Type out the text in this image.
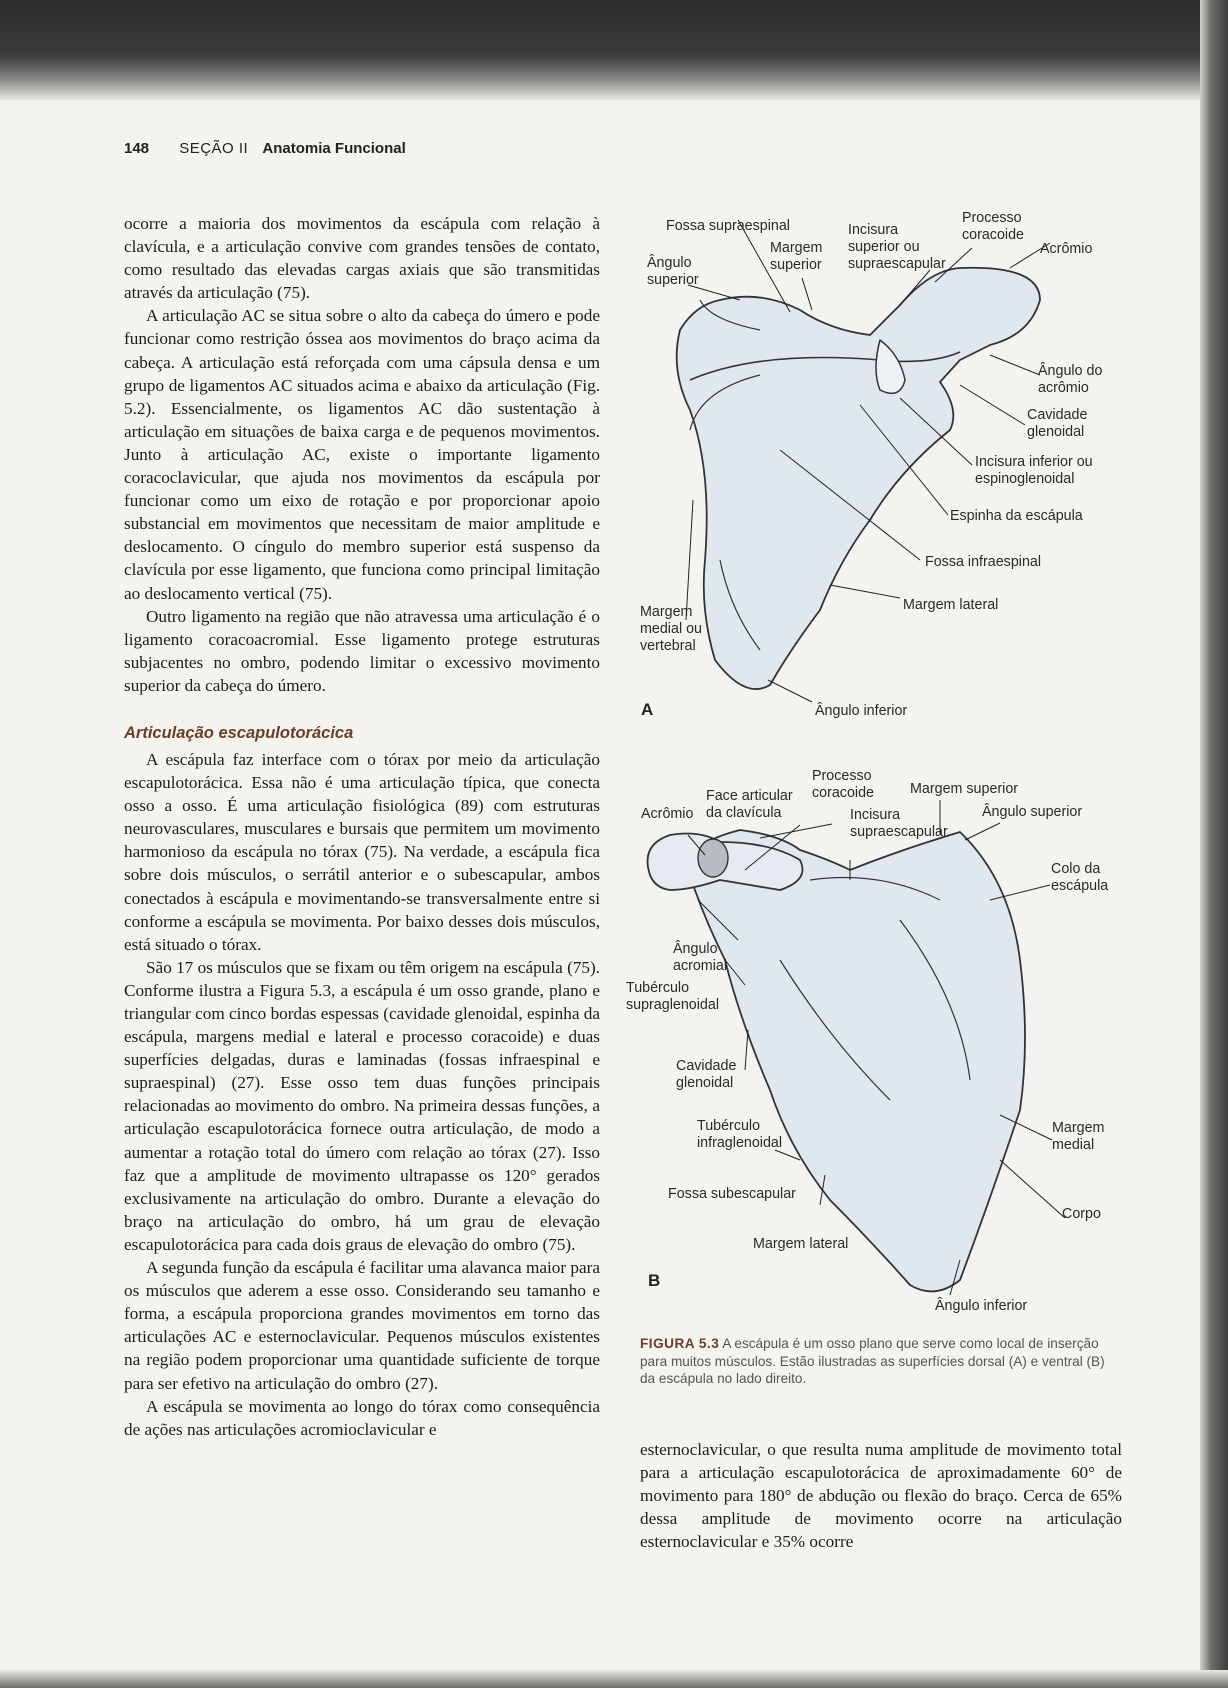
148 SEÇÃO II Anatomia Funcional

ocorre a maioria dos movimentos da escápula com relação à clavícula, e a articulação convive com grandes tensões de contato, como resultado das elevadas cargas axiais que são transmitidas através da articulação (75).

A articulação AC se situa sobre o alto da cabeça do úmero e pode funcionar como restrição óssea aos movimentos do braço acima da cabeça. A articulação está reforçada com uma cápsula densa e um grupo de ligamentos AC situados acima e abaixo da articulação (Fig. 5.2). Essencialmente, os ligamentos AC dão sustentação à articulação em situações de baixa carga e de pequenos movimentos. Junto à articulação AC, existe o importante ligamento coracoclavicular, que ajuda nos movimentos da escápula por funcionar como um eixo de rotação e por proporcionar apoio substancial em movimentos que necessitam de maior amplitude e deslocamento. O cíngulo do membro superior está suspenso da clavícula por esse ligamento, que funciona como principal limitação ao deslocamento vertical (75).

Outro ligamento na região que não atravessa uma articulação é o ligamento coracoacromial. Esse ligamento protege estruturas subjacentes no ombro, podendo limitar o excessivo movimento superior da cabeça do úmero.

Articulação escapulotorácica

A escápula faz interface com o tórax por meio da articulação escapulotorácica. Essa não é uma articulação típica, que conecta osso a osso. É uma articulação fisiológica (89) com estruturas neurovasculares, musculares e bursais que permitem um movimento harmonioso da escápula no tórax (75). Na verdade, a escápula fica sobre dois músculos, o serrátil anterior e o subescapular, ambos conectados à escápula e movimentando-se transversalmente entre si conforme a escápula se movimenta. Por baixo desses dois músculos, está situado o tórax.

São 17 os músculos que se fixam ou têm origem na escápula (75). Conforme ilustra a Figura 5.3, a escápula é um osso grande, plano e triangular com cinco bordas espessas (cavidade glenoidal, espinha da escápula, margens medial e lateral e processo coracoide) e duas superfícies delgadas, duras e laminadas (fossas infraespinal e supraespinal) (27). Esse osso tem duas funções principais relacionadas ao movimento do ombro. Na primeira dessas funções, a articulação escapulotorácica fornece outra articulação, de modo a aumentar a rotação total do úmero com relação ao tórax (27). Isso faz que a amplitude de movimento ultrapasse os 120° gerados exclusivamente na articulação do ombro. Durante a elevação do braço na articulação do ombro, há um grau de elevação escapulotorácica para cada dois graus de elevação do ombro (75).

A segunda função da escápula é facilitar uma alavanca maior para os músculos que aderem a esse osso. Considerando seu tamanho e forma, a escápula proporciona grandes movimentos em torno das articulações AC e esternoclavicular. Pequenos músculos existentes na região podem proporcionar uma quantidade suficiente de torque para ser efetivo na articulação do ombro (27).

A escápula se movimenta ao longo do tórax como consequência de ações nas articulações acromioclavicular e

Fossa supraespinal
Ângulo
superior
Margem
superior
Incisura
superior ou
supraescapular
Processo
coracoide
Acrômio
Ângulo do
acrômio
Cavidade
glenoidal
Incisura inferior ou
espinoglenoidal
Espinha da escápula
Fossa infraespinal
Margem lateral
Margem
medial ou
vertebral
Ângulo inferior
A
Processo
coracoide
Face articular
da clavícula
Acrômio
Margem superior
Ângulo superior
Incisura
supraescapular
Colo da
escápula
Ângulo
acromial
Tubérculo
supraglenoidal
Cavidade
glenoidal
Tubérculo
infraglenoidal
Margem
medial
Fossa subescapular
Corpo
Margem lateral
Ângulo inferior
B
FIGURA 5.3 A escápula é um osso plano que serve como local de inserção para muitos músculos. Estão ilustradas as superfícies dorsal (A) e ventral (B) da escápula no lado direito.

esternoclavicular, o que resulta numa amplitude de movimento total para a articulação escapulotorácica de aproximadamente 60° de movimento para 180° de abdução ou flexão do braço. Cerca de 65% dessa amplitude de movimento ocorre na articulação esternoclavicular e 35% ocorre
